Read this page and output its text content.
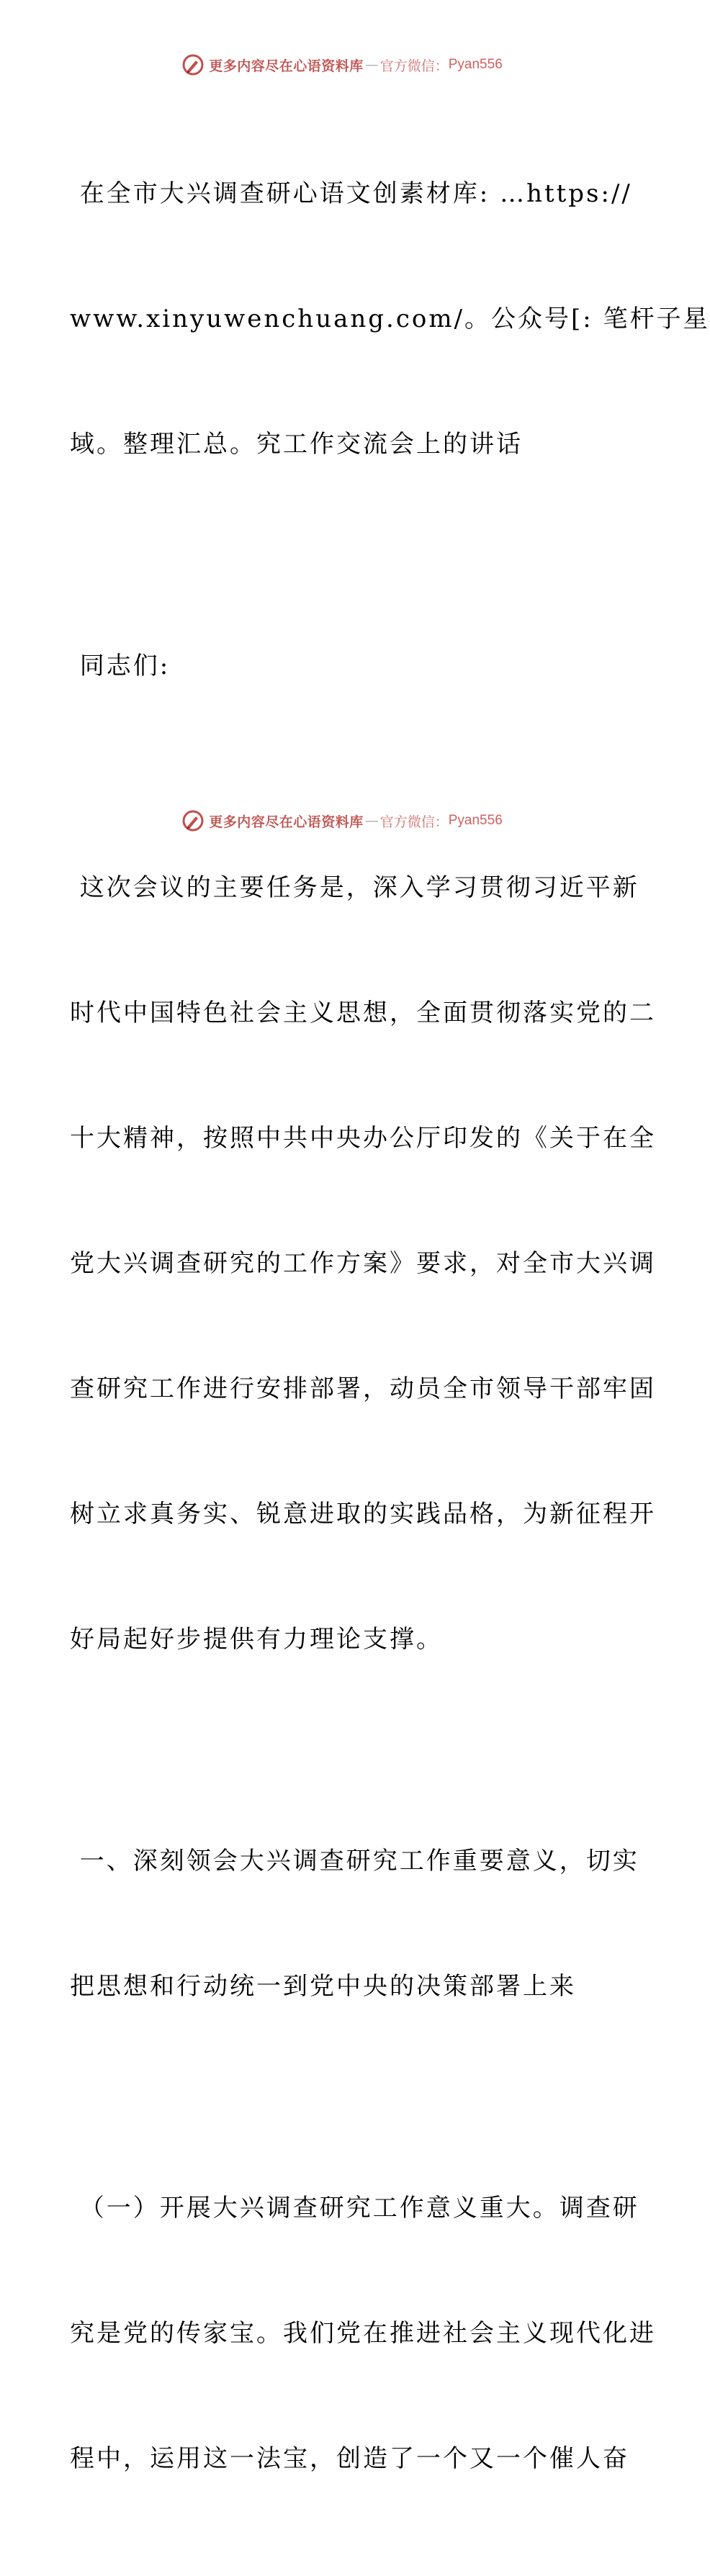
更多内容尽在心语资料库 — 官方微信： Pyan556

在全市大兴调查研心语文创素材库: …https://

www.xinyuwenchuang.com/。公众号[: 笔杆子星

域。整理汇总。究工作交流会上的讲话

同志们:

这次会议的主要任务是，深入学习贯彻习近平新

时代中国特色社会主义思想，全面贯彻落实党的二

十大精神，按照中共中央办公厅印发的《关于在全

党大兴调查研究的工作方案》要求，对全市大兴调

查研究工作进行安排部署，动员全市领导干部牢固

树立求真务实、锐意进取的实践品格，为新征程开

好局起好步提供有力理论支撑。

一、深刻领会大兴调查研究工作重要意义，切实

把思想和行动统一到党中央的决策部署上来

（一）开展大兴调查研究工作意义重大。调查研

究是党的传家宝。我们党在推进社会主义现代化进

程中，运用这一法宝，创造了一个又一个催人奋

更多内容尽在心语资料库 — 官方微信： Pyan556
